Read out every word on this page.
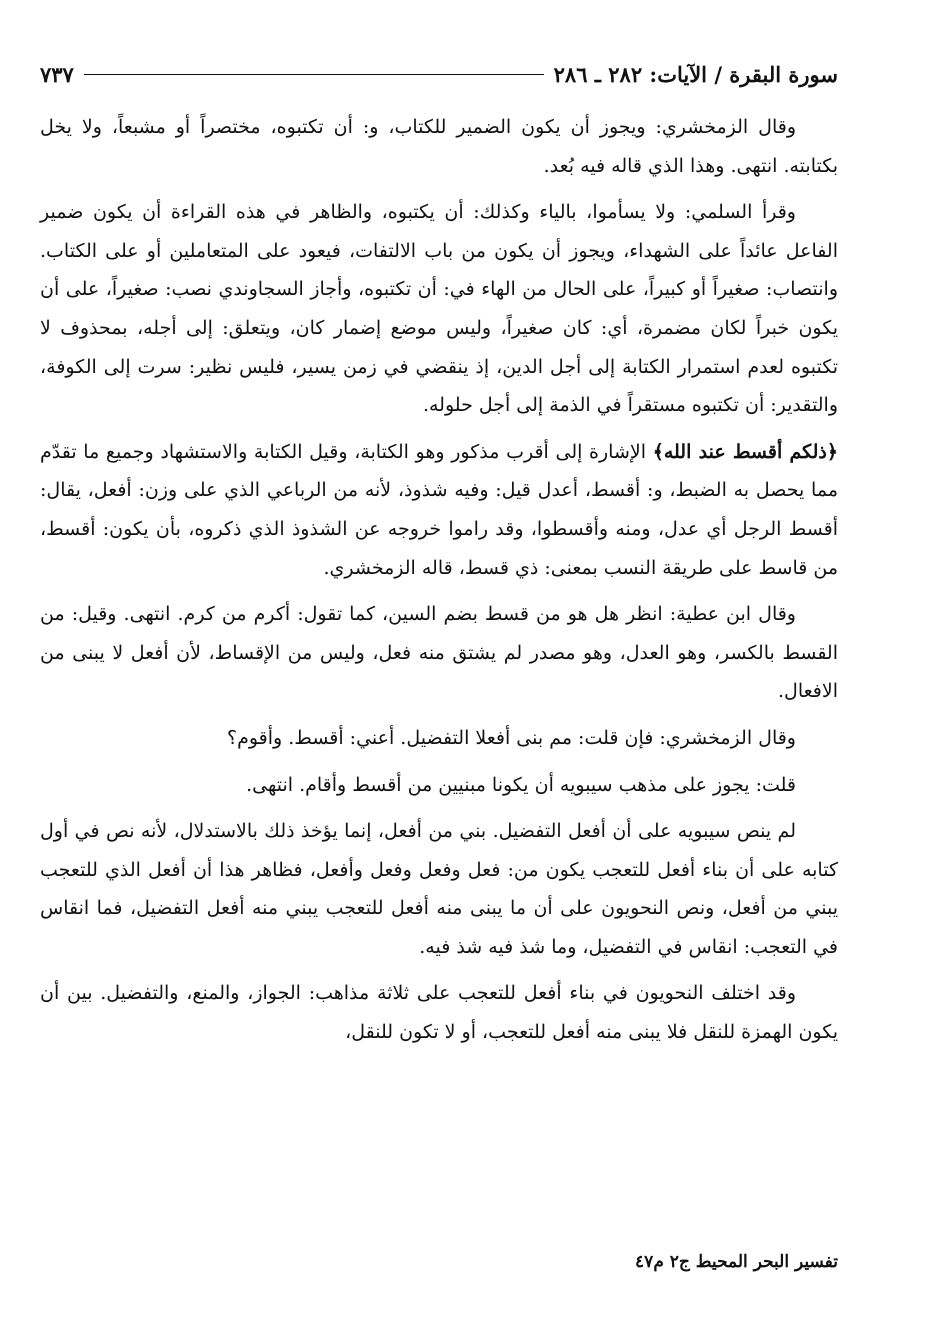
سورة البقرة / الآيات: ٢٨٢ ـ ٢٨٦
٧٣٧

وقال الزمخشري: ويجوز أن يكون الضمير للكتاب، و: أن تكتبوه، مختصراً أو مشبعاً، ولا يخل بكتابته. انتهى. وهذا الذي قاله فيه بُعد.

وقرأ السلمي: ولا يسأموا، بالياء وكذلك: أن يكتبوه، والظاهر في هذه القراءة أن يكون ضمير الفاعل عائداً على الشهداء، ويجوز أن يكون من باب الالتفات، فيعود على المتعاملين أو على الكتاب. وانتصاب: صغيراً أو كبيراً، على الحال من الهاء في: أن تكتبوه، وأجاز السجاوندي نصب: صغيراً، على أن يكون خبراً لكان مضمرة، أي: كان صغيراً، وليس موضع إضمار كان، ويتعلق: إلى أجله، بمحذوف لا تكتبوه لعدم استمرار الكتابة إلى أجل الدين، إذ ينقضي في زمن يسير، فليس نظير: سرت إلى الكوفة، والتقدير: أن تكتبوه مستقراً في الذمة إلى أجل حلوله.

﴿ذلكم أقسط عند الله﴾ الإشارة إلى أقرب مذكور وهو الكتابة، وقيل الكتابة والاستشهاد وجميع ما تقدّم مما يحصل به الضبط، و: أقسط، أعدل قيل: وفيه شذوذ، لأنه من الرباعي الذي على وزن: أفعل، يقال: أقسط الرجل أي عدل، ومنه وأقسطوا، وقد راموا خروجه عن الشذوذ الذي ذكروه، بأن يكون: أقسط، من قاسط على طريقة النسب بمعنى: ذي قسط، قاله الزمخشري.

وقال ابن عطية: انظر هل هو من قسط بضم السين، كما تقول: أكرم من كرم. انتهى. وقيل: من القسط بالكسر، وهو العدل، وهو مصدر لم يشتق منه فعل، وليس من الإقساط، لأن أفعل لا يبنى من الافعال.

وقال الزمخشري: فإن قلت: مم بنى أفعلا التفضيل. أعني: أقسط. وأقوم؟

قلت: يجوز على مذهب سيبويه أن يكونا مبنيين من أقسط وأقام. انتهى.

لم ينص سيبويه على أن أفعل التفضيل. بني من أفعل، إنما يؤخذ ذلك بالاستدلال، لأنه نص في أول كتابه على أن بناء أفعل للتعجب يكون من: فعل وفعل وفعل وأفعل، فظاهر هذا أن أفعل الذي للتعجب يبني من أفعل، ونص النحويون على أن ما يبنى منه أفعل للتعجب يبني منه أفعل التفضيل، فما انقاس في التعجب: انقاس في التفضيل، وما شذ فيه شذ فيه.

وقد اختلف النحويون في بناء أفعل للتعجب على ثلاثة مذاهب: الجواز، والمنع، والتفضيل. بين أن يكون الهمزة للنقل فلا يبنى منه أفعل للتعجب، أو لا تكون للنقل،

تفسير البحر المحيط ج٢ م٤٧
